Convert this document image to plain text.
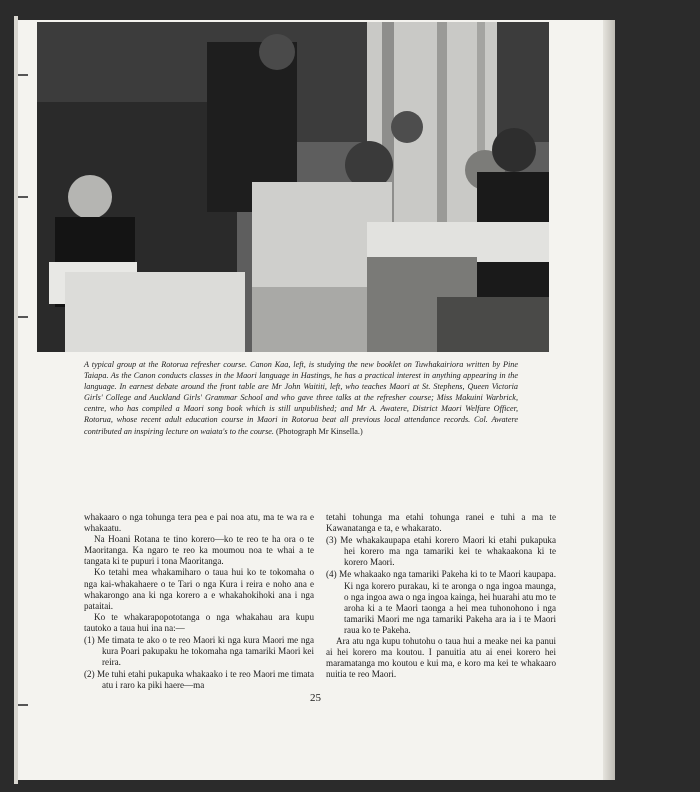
A typical group at the Rotorua refresher course. Canon Kaa, left, is studying the new booklet on Tuwhakairiora written by Pine Taiapa. As the Canon conducts classes in the Maori language in Hastings, he has a practical interest in anything appearing in the language. In earnest debate around the front table are Mr John Waititi, left, who teaches Maori at St. Stephens, Queen Victoria Girls' College and Auckland Girls' Grammar School and who gave three talks at the refresher course; Miss Makuini Warbrick, centre, who has compiled a Maori song book which is still unpublished; and Mr A. Awatere, District Maori Welfare Officer, Rotorua, whose recent adult education course in Maori in Rotorua beat all previous local attendance records. Col. Awatere contributed an inspiring lecture on waiata's to the course. (Photograph Mr Kinsella.)

whakaaro o nga tohunga tera pea e pai noa atu, ma te wa ra e whakaatu.

Na Hoani Rotana te tino korero—ko te reo te ha ora o te Maoritanga. Ka ngaro te reo ka moumou noa te whai a te tangata ki te pupuri i tona Maoritanga.

Ko tetahi mea whakamiharo o taua hui ko te tokomaha o nga kai-whakahaere o te Tari o nga Kura i reira e noho ana e whakarongo ana ki nga korero a e whakahokihoki ana i nga pataitai.

Ko te whakarapopototanga o nga whakahau ara kupu tautoko a taua hui ina na:—

(1) Me timata te ako o te reo Maori ki nga kura Maori me nga kura Poari pakupaku he tokomaha nga tamariki Maori kei reira.
(2) Me tuhi etahi pukapuka whakaako i te reo Maori me timata atu i raro ka piki haere—ma

tetahi tohunga ma etahi tohunga ranei e tuhi a ma te Kawanatanga e ta, e whakarato.

(3) Me whakakaupapa etahi korero Maori ki etahi pukapuka hei korero ma nga tamariki kei te whakaakona ki te korero Maori.
(4) Me whakaako nga tamariki Pakeha ki to te Maori kaupapa. Ki nga korero purakau, ki te aronga o nga ingoa maunga, o nga ingoa awa o nga ingoa kainga, hei huarahi atu mo te aroha ki a te Maori taonga a hei mea tuhonohono i nga tamariki Maori me nga tamariki Pakeha ara ia i te Maori raua ko te Pakeha.

Ara atu nga kupu tohutohu o taua hui a meake nei ka panui ai hei korero ma koutou. I panuitia atu ai enei korero hei maramatanga mo koutou e kui ma, e koro ma kei te whakaaro nuitia te reo Maori.

25
